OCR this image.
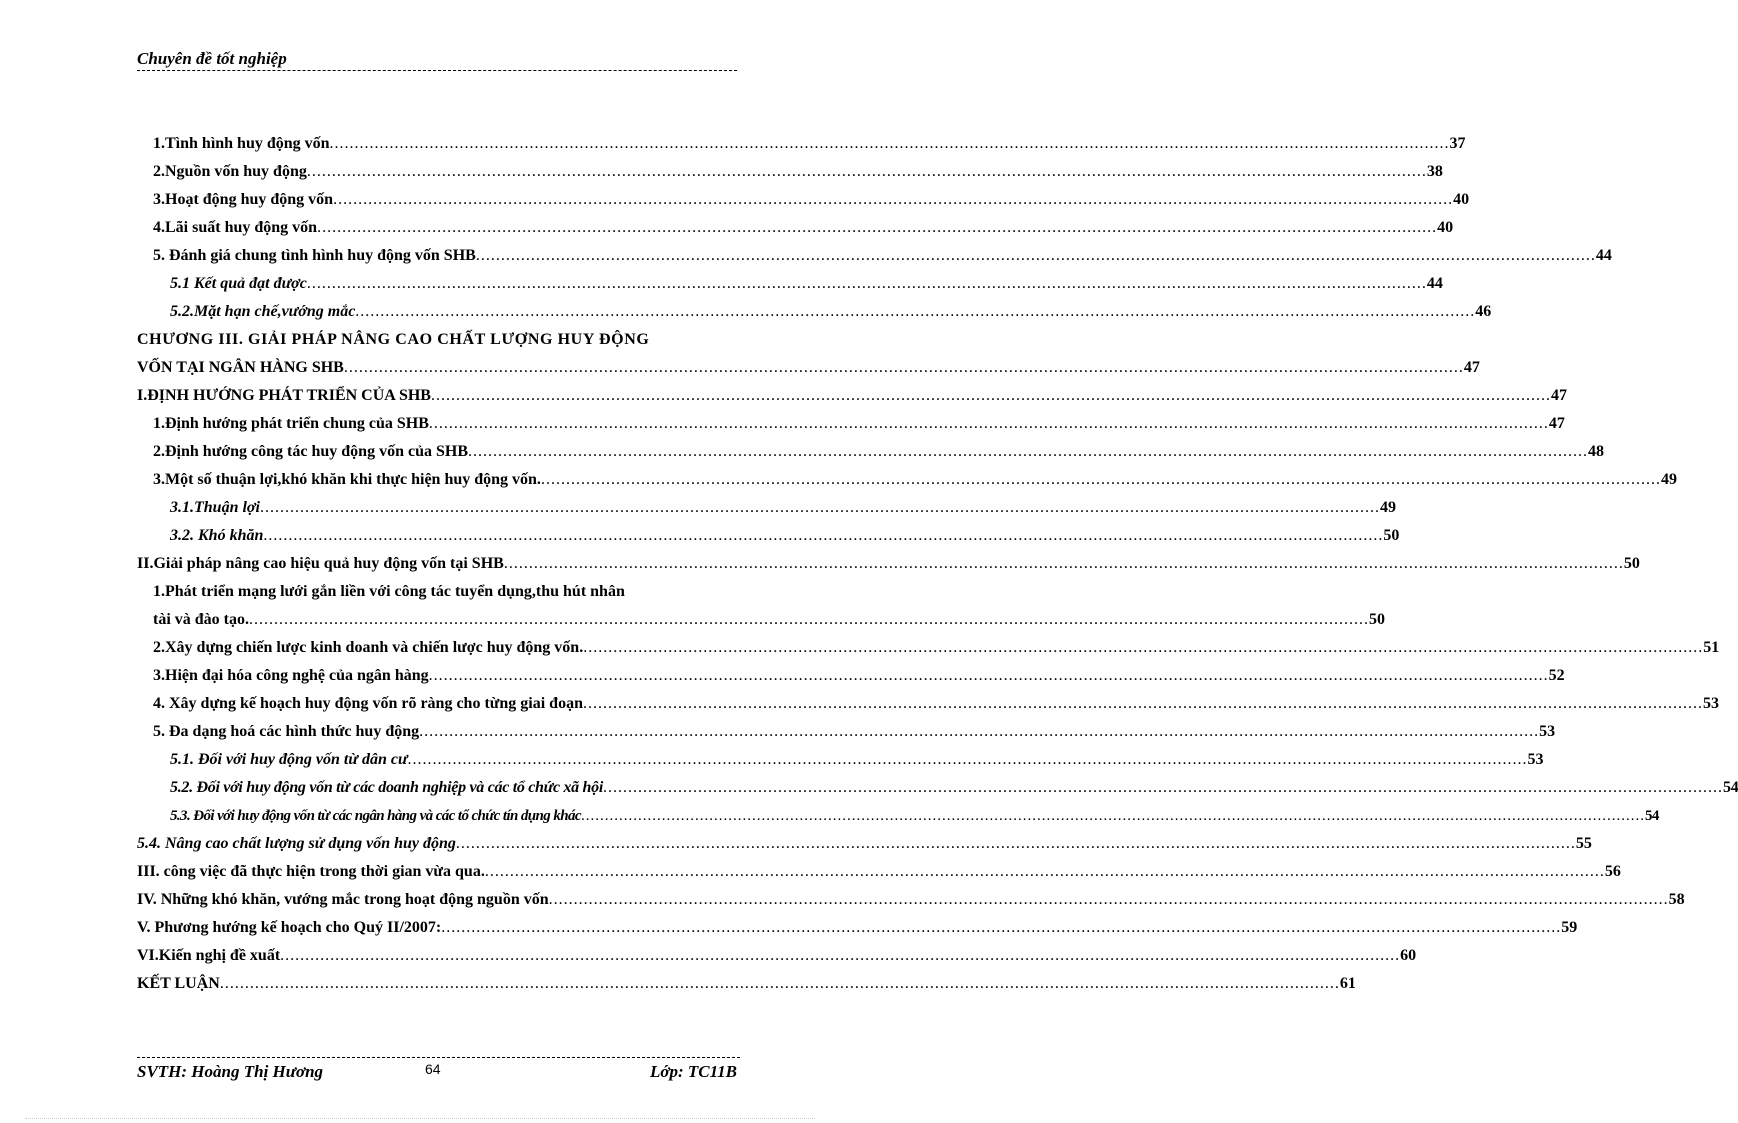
Chuyên đề tốt nghiệp
1.Tình hình huy động vốn .....	37
2.Nguồn vốn huy động .....	38
3.Hoạt động huy động vốn .....	40
4.Lãi suất huy động vốn .....	40
5. Đánh giá chung tình hình huy động vốn SHB .....	44
5.1 Kết quả đạt được .....	44
5.2.Mặt hạn chế,vướng mắc .....	46
CHƯƠNG III. GIẢI PHÁP NÂNG CAO CHẤT LƯỢNG HUY ĐỘNG
VỐN TẠI NGÂN HÀNG SHB .....	47
I.ĐỊNH HƯỚNG PHÁT TRIỂN CỦA SHB .....	47
1.Định hướng phát triển chung của SHB .....	47
2.Định hướng công tác huy động vốn của SHB .....	48
3.Một số thuận lợi,khó khăn khi thực hiện huy động vốn. .....	49
3.1.Thuận lợi .....	49
3.2. Khó khăn .....	50
II.Giải pháp nâng cao hiệu quả huy động vốn tại SHB .....	50
1.Phát triển mạng lưới gắn liền với công tác tuyển dụng,thu hút nhân
tài và đào tạo. .....	50
2.Xây dựng chiến lược kinh doanh và chiến lược huy động vốn. .....	51
3.Hiện đại hóa công nghệ của ngân hàng .....	52
4. Xây dựng kế hoạch huy động vốn rõ ràng cho từng giai đoạn .....	53
5. Đa dạng hoá các hình thức huy động .....	53
5.1. Đối với huy động vốn từ dân cư .....	53
5.2. Đối với huy động vốn từ các doanh nghiệp và các tổ chức xã hội .....	54
5.3. Đối với huy động vốn từ các ngân hàng và các tổ chức tín dụng khác .....	54
5.4. Nâng cao chất lượng sử dụng vốn huy động .....	55
III. công việc đã thực hiện trong thời gian vừa qua. .....	56
IV. Những khó khăn, vướng mắc trong hoạt động nguồn vốn .....	58
V. Phương hướng kế hoạch cho Quý II/2007: .....	59
VI.Kiến nghị đề xuất .....	60
KẾT LUẬN .....	61
SVTH: Hoàng Thị Hương	64	Lớp: TC11B
